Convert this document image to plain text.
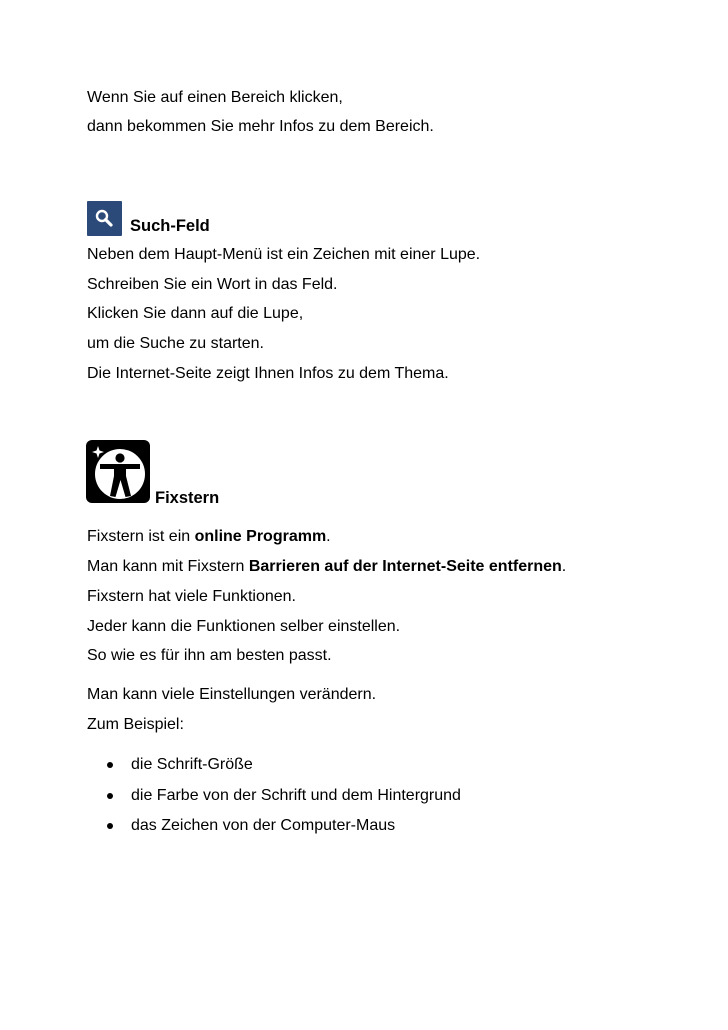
Wenn Sie auf einen Bereich klicken,
dann bekommen Sie mehr Infos zu dem Bereich.
Such-Feld
Neben dem Haupt-Menü ist ein Zeichen mit einer Lupe.
Schreiben Sie ein Wort in das Feld.
Klicken Sie dann auf die Lupe,
um die Suche zu starten.
Die Internet-Seite zeigt Ihnen Infos zu dem Thema.
Fixstern
Fixstern ist ein online Programm.
Man kann mit Fixstern Barrieren auf der Internet-Seite entfernen.
Fixstern hat viele Funktionen.
Jeder kann die Funktionen selber einstellen.
So wie es für ihn am besten passt.
Man kann viele Einstellungen verändern.
Zum Beispiel:
die Schrift-Größe
die Farbe von der Schrift und dem Hintergrund
das Zeichen von der Computer-Maus
